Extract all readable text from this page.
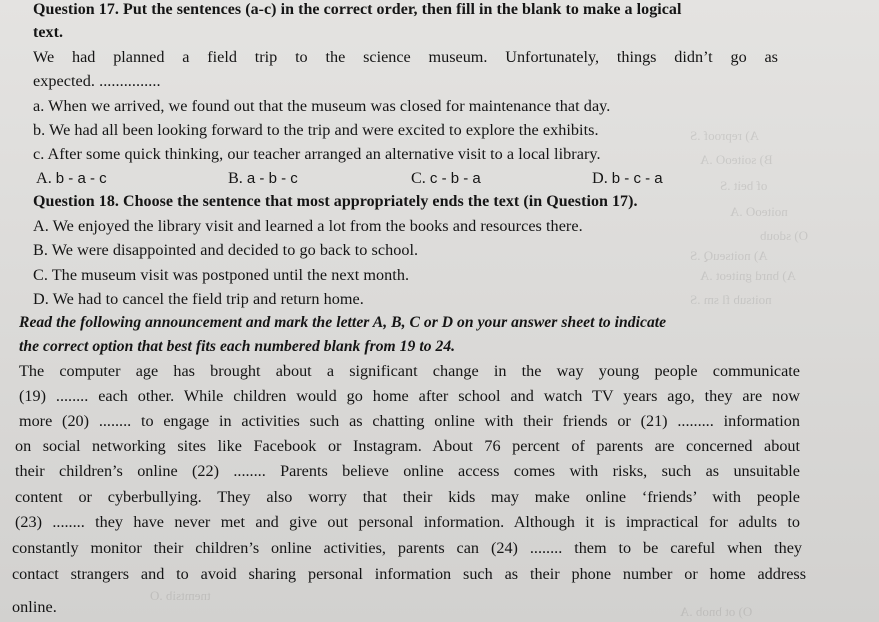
A) reproof .S
B) soiteoO .A
of beit .S
noiteoO .A
O) sdoub
A) noitseuQ .S
A) bnrd gniteot .A
noitsub fl sm .S
O) ot bnob .A
tnemtsib .O
Question 17. Put the sentences (a-c) in the correct order, then fill in the blank to make a logical
text.
We had planned a field trip to the science museum. Unfortunately, things didn’t go as
expected. ...............
a. When we arrived, we found out that the museum was closed for maintenance that day.
b. We had all been looking forward to the trip and were excited to explore the exhibits.
c. After some quick thinking, our teacher arranged an alternative visit to a local library.
A. b - a - c	B. a - b - c	C. c - b - a	D. b - c - a
Question 18. Choose the sentence that most appropriately ends the text (in Question 17).
A. We enjoyed the library visit and learned a lot from the books and resources there.
B. We were disappointed and decided to go back to school.
C. The museum visit was postponed until the next month.
D. We had to cancel the field trip and return home.
Read the following announcement and mark the letter A, B, C or D on your answer sheet to indicate
the correct option that best fits each numbered blank from 19 to 24.
The computer age has brought about a significant change in the way young people communicate
(19) ........ each other. While children would go home after school and watch TV years ago, they are now
more (20) ........ to engage in activities such as chatting online with their friends or (21) ......... information
on social networking sites like Facebook or Instagram. About 76 percent of parents are concerned about
their children’s online (22) ........ Parents believe online access comes with risks, such as unsuitable
content or cyberbullying. They also worry that their kids may make online ‘friends’ with people
(23) ........ they have never met and give out personal information. Although it is impractical for adults to
constantly monitor their children’s online activities, parents can (24) ........ them to be careful when they
contact strangers and to avoid sharing personal information such as their phone number or home address
online.
